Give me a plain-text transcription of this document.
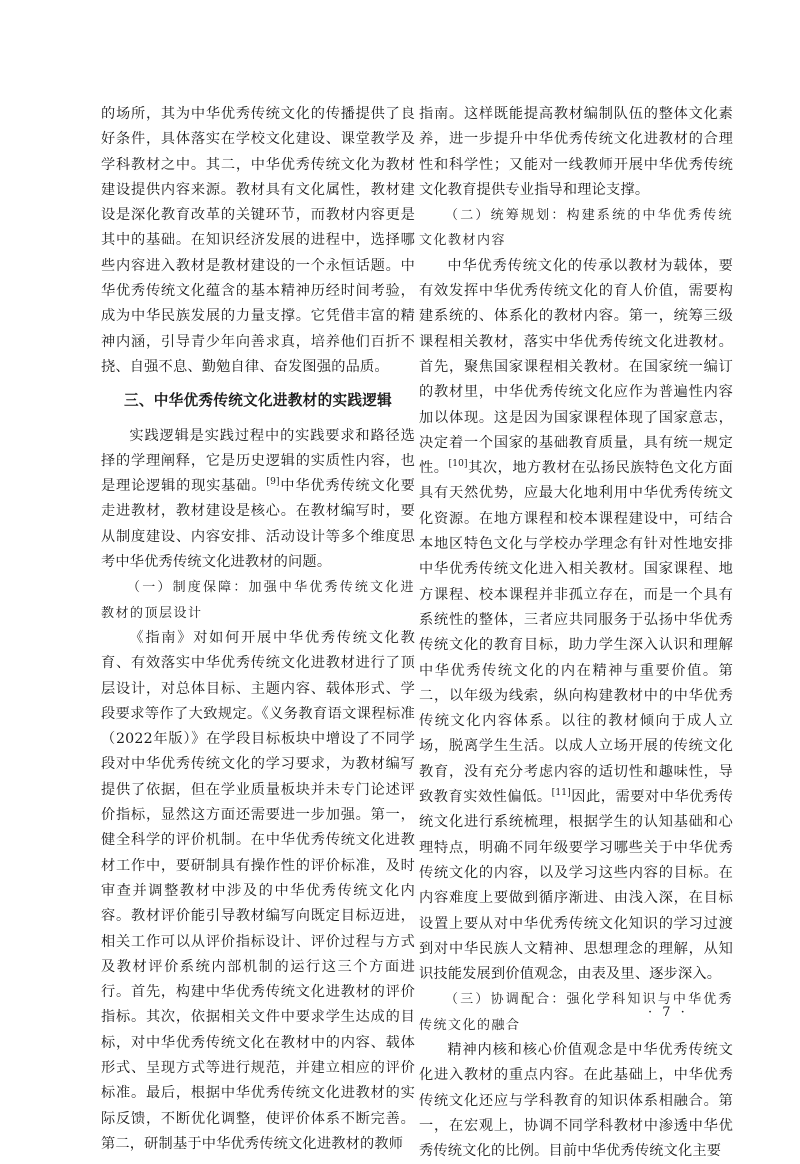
的场所，其为中华优秀传统文化的传播提供了良好条件，具体落实在学校文化建设、课堂教学及学科教材之中。其二，中华优秀传统文化为教材建设提供内容来源。教材具有文化属性，教材建设是深化教育改革的关键环节，而教材内容更是其中的基础。在知识经济发展的进程中，选择哪些内容进入教材是教材建设的一个永恒话题。中华优秀传统文化蕴含的基本精神历经时间考验，成为中华民族发展的力量支撑。它凭借丰富的精神内涵，引导青少年向善求真，培养他们百折不挠、自强不息、勤勉自律、奋发图强的品质。

三、中华优秀传统文化进教材的实践逻辑

实践逻辑是实践过程中的实践要求和路径选择的学理阐释，它是历史逻辑的实质性内容，也是理论逻辑的现实基础。[9]中华优秀传统文化要走进教材，教材建设是核心。在教材编写时，要从制度建设、内容安排、活动设计等多个维度思考中华优秀传统文化进教材的问题。

（一）制度保障：加强中华优秀传统文化进教材的顶层设计

《指南》对如何开展中华优秀传统文化教育、有效落实中华优秀传统文化进教材进行了顶层设计，对总体目标、主题内容、载体形式、学段要求等作了大致规定。《义务教育语文课程标准（2022年版）》在学段目标板块中增设了不同学段对中华优秀传统文化的学习要求，为教材编写提供了依据，但在学业质量板块并未专门论述评价指标，显然这方面还需要进一步加强。第一，健全科学的评价机制。在中华优秀传统文化进教材工作中，要研制具有操作性的评价标准，及时审查并调整教材中涉及的中华优秀传统文化内容。教材评价能引导教材编写向既定目标迈进，相关工作可以从评价指标设计、评价过程与方式及教材评价系统内部机制的运行这三个方面进行。首先，构建中华优秀传统文化进教材的评价指标。其次，依据相关文件中要求学生达成的目标，对中华优秀传统文化在教材中的内容、载体形式、呈现方式等进行规范，并建立相应的评价标准。最后，根据中华优秀传统文化进教材的实际反馈，不断优化调整，使评价体系不断完善。第二，研制基于中华优秀传统文化进教材的教师

指南。这样既能提高教材编制队伍的整体文化素养，进一步提升中华优秀传统文化进教材的合理性和科学性；又能对一线教师开展中华优秀传统文化教育提供专业指导和理论支撑。

（二）统筹规划：构建系统的中华优秀传统文化教材内容

中华优秀传统文化的传承以教材为载体，要有效发挥中华优秀传统文化的育人价值，需要构建系统的、体系化的教材内容。第一，统筹三级课程相关教材，落实中华优秀传统文化进教材。首先，聚焦国家课程相关教材。在国家统一编订的教材里，中华优秀传统文化应作为普遍性内容加以体现。这是因为国家课程体现了国家意志，决定着一个国家的基础教育质量，具有统一规定性。[10]其次，地方教材在弘扬民族特色文化方面具有天然优势，应最大化地利用中华优秀传统文化资源。在地方课程和校本课程建设中，可结合本地区特色文化与学校办学理念有针对性地安排中华优秀传统文化进入相关教材。国家课程、地方课程、校本课程并非孤立存在，而是一个具有系统性的整体，三者应共同服务于弘扬中华优秀传统文化的教育目标，助力学生深入认识和理解中华优秀传统文化的内在精神与重要价值。第二，以年级为线索，纵向构建教材中的中华优秀传统文化内容体系。以往的教材倾向于成人立场，脱离学生生活。以成人立场开展的传统文化教育，没有充分考虑内容的适切性和趣味性，导致教育实效性偏低。[11]因此，需要对中华优秀传统文化进行系统梳理，根据学生的认知基础和心理特点，明确不同年级要学习哪些关于中华优秀传统文化的内容，以及学习这些内容的目标。在内容难度上要做到循序渐进、由浅入深，在目标设置上要从对中华优秀传统文化知识的学习过渡到对中华民族人文精神、思想理念的理解，从知识技能发展到价值观念，由表及里、逐步深入。

（三）协调配合：强化学科知识与中华优秀传统文化的融合

精神内核和核心价值观念是中华优秀传统文化进入教材的重点内容。在此基础上，中华优秀传统文化还应与学科教育的知识体系相融合。第一，在宏观上，协调不同学科教材中渗透中华优秀传统文化的比例。目前中华优秀传统文化主要

· 7 ·
